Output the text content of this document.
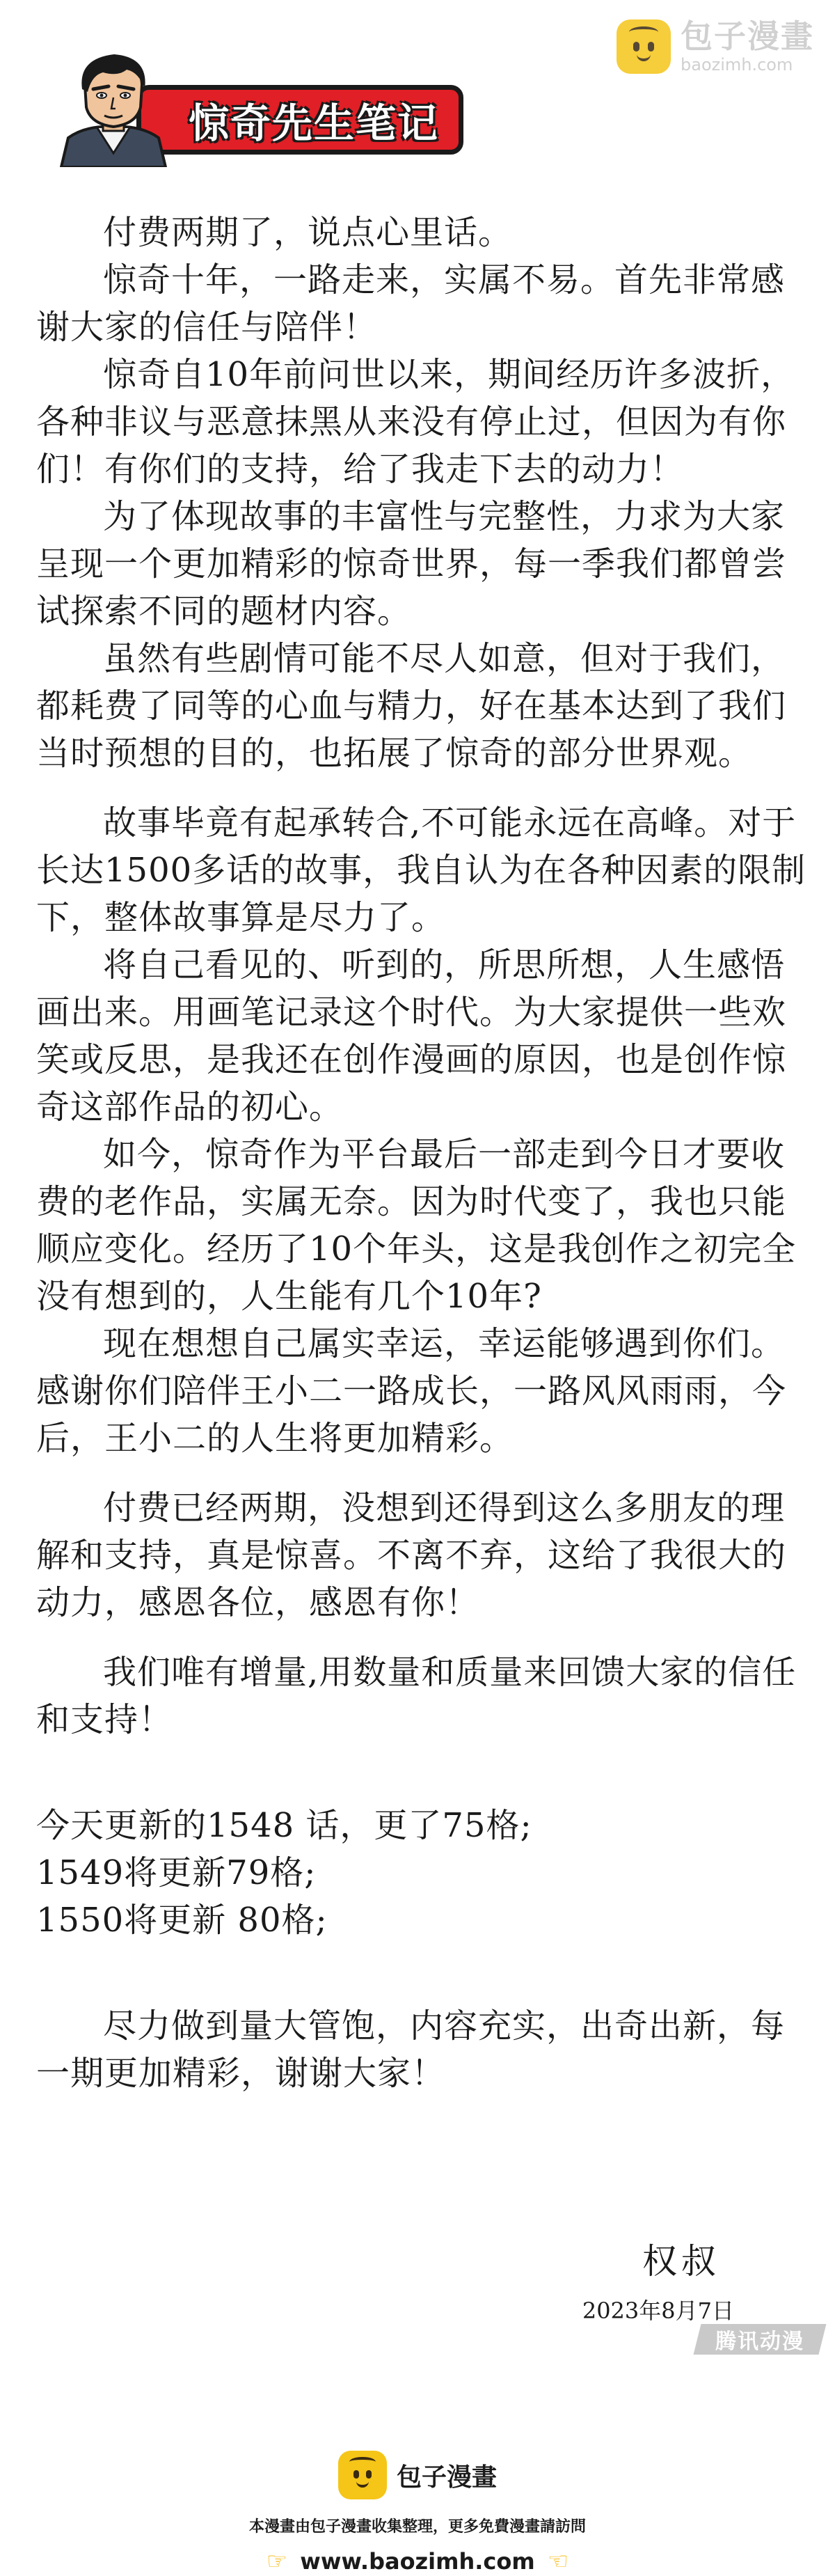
包子漫畫
baozimh.com
惊奇先生笔记

付费两期了，说点心里话。

惊奇十年，一路走来，实属不易。首先非常感谢大家的信任与陪伴！

惊奇自10年前问世以来，期间经历许多波折，各种非议与恶意抹黑从来没有停止过，但因为有你们！有你们的支持，给了我走下去的动力！

为了体现故事的丰富性与完整性，力求为大家呈现一个更加精彩的惊奇世界，每一季我们都曾尝试探索不同的题材内容。

虽然有些剧情可能不尽人如意，但对于我们，都耗费了同等的心血与精力，好在基本达到了我们当时预想的目的，也拓展了惊奇的部分世界观。

故事毕竟有起承转合,不可能永远在高峰。对于长达1500多话的故事，我自认为在各种因素的限制下，整体故事算是尽力了。

将自己看见的、听到的，所思所想，人生感悟画出来。用画笔记录这个时代。为大家提供一些欢笑或反思，是我还在创作漫画的原因，也是创作惊奇这部作品的初心。

如今，惊奇作为平台最后一部走到今日才要收费的老作品，实属无奈。因为时代变了，我也只能顺应变化。经历了10个年头，这是我创作之初完全没有想到的，人生能有几个10年?

现在想想自己属实幸运，幸运能够遇到你们。感谢你们陪伴王小二一路成长，一路风风雨雨，今后，王小二的人生将更加精彩。

付费已经两期，没想到还得到这么多朋友的理解和支持，真是惊喜。不离不弃，这给了我很大的动力，感恩各位，感恩有你！

我们唯有增量,用数量和质量来回馈大家的信任和支持！

今天更新的1548 话，更了75格;

1549将更新79格;

1550将更新 80格;

尽力做到量大管饱，内容充实，出奇出新，每一期更加精彩，谢谢大家！

权叔
2023年8月7日
腾讯动漫
包子漫畫
本漫畫由包子漫畫收集整理，更多免費漫畫請訪問
☞ www.baozimh.com ☜
